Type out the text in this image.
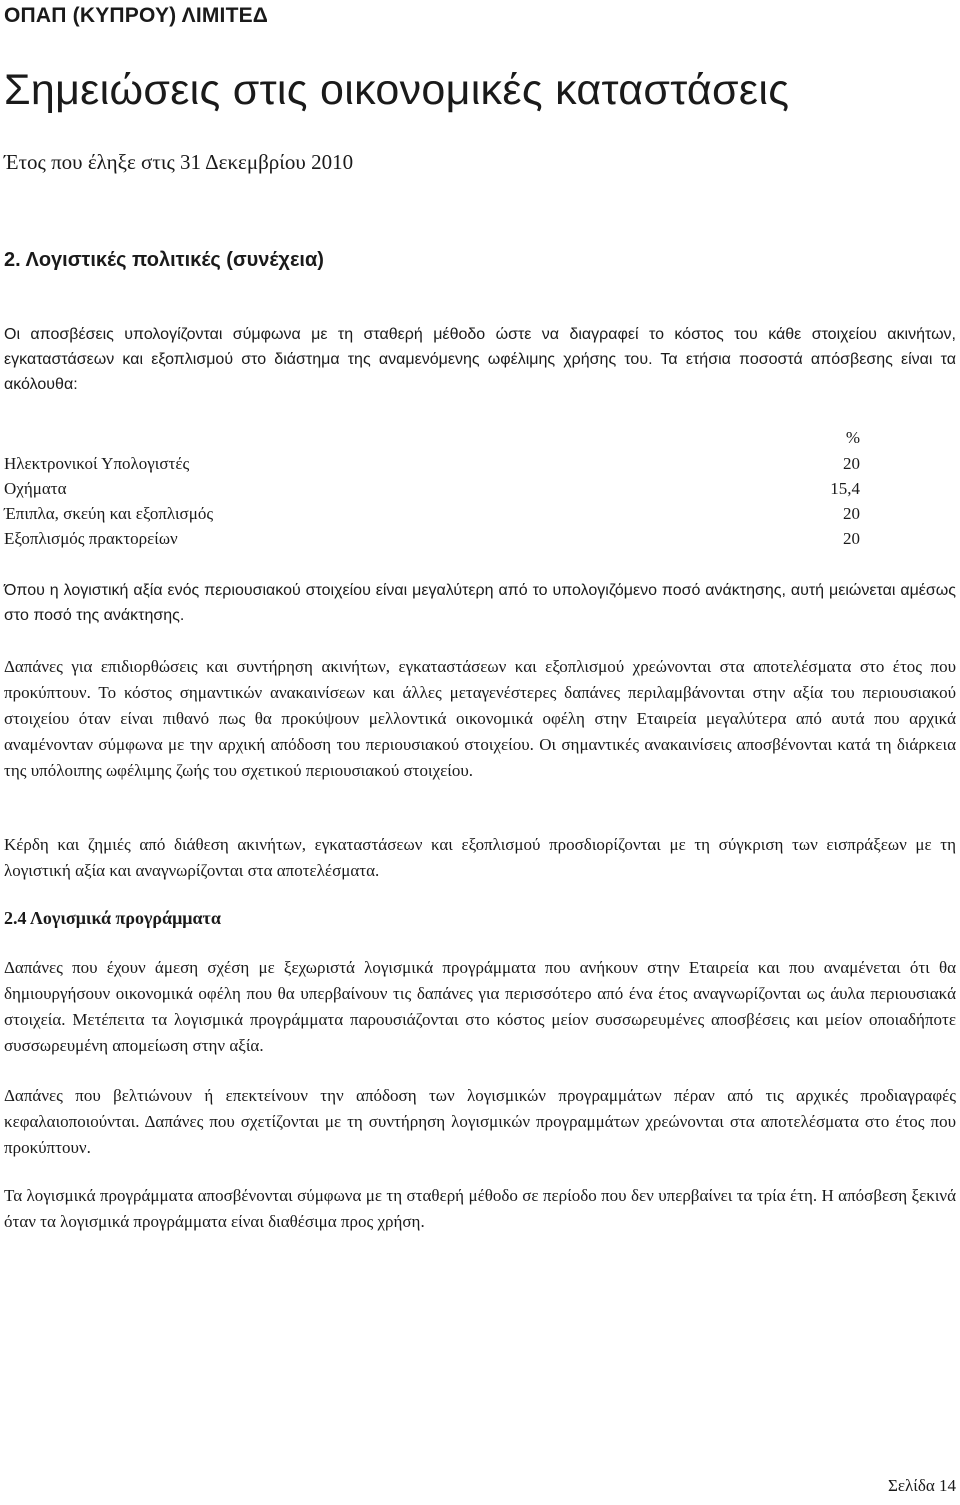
ΟΠΑΠ (ΚΥΠΡΟΥ) ΛΙΜΙΤΕΔ
Σημειώσεις στις οικονομικές καταστάσεις
Έτος που έληξε στις 31 Δεκεμβρίου 2010
2. Λογιστικές πολιτικές (συνέχεια)

Οι αποσβέσεις υπολογίζονται σύμφωνα με τη σταθερή μέθοδο ώστε να διαγραφεί το κόστος του κάθε στοιχείου ακινήτων, εγκαταστάσεων και εξοπλισμού στο διάστημα της αναμενόμενης ωφέλιμης χρήσης του. Τα ετήσια ποσοστά απόσβεσης είναι τα ακόλουθα:

%
Ηλεκτρονικοί Υπολογιστές	20
Οχήματα	15,4
Έπιπλα, σκεύη και εξοπλισμός	20
Εξοπλισμός πρακτορείων	20

Όπου η λογιστική αξία ενός περιουσιακού στοιχείου είναι μεγαλύτερη από το υπολογιζόμενο ποσό ανάκτησης, αυτή μειώνεται αμέσως στο ποσό της ανάκτησης.

Δαπάνες για επιδιορθώσεις και συντήρηση ακινήτων, εγκαταστάσεων και εξοπλισμού χρεώνονται στα αποτελέσματα στο έτος που προκύπτουν. Το κόστος σημαντικών ανακαινίσεων και άλλες μεταγενέστερες δαπάνες περιλαμβάνονται στην αξία του περιουσιακού στοιχείου όταν είναι πιθανό πως θα προκύψουν μελλοντικά οικονομικά οφέλη στην Εταιρεία μεγαλύτερα από αυτά που αρχικά αναμένονταν σύμφωνα με την αρχική απόδοση του περιουσιακού στοιχείου. Οι σημαντικές ανακαινίσεις αποσβένονται κατά τη διάρκεια της υπόλοιπης ωφέλιμης ζωής του σχετικού περιουσιακού στοιχείου.

Κέρδη και ζημιές από διάθεση ακινήτων, εγκαταστάσεων και εξοπλισμού προσδιορίζονται με τη σύγκριση των εισπράξεων με τη λογιστική αξία και αναγνωρίζονται στα αποτελέσματα.

2.4 Λογισμικά προγράμματα

Δαπάνες που έχουν άμεση σχέση με ξεχωριστά λογισμικά προγράμματα που ανήκουν στην Εταιρεία και που αναμένεται ότι θα δημιουργήσουν οικονομικά οφέλη που θα υπερβαίνουν τις δαπάνες για περισσότερο από ένα έτος αναγνωρίζονται ως άυλα περιουσιακά στοιχεία. Μετέπειτα τα λογισμικά προγράμματα παρουσιάζονται στο κόστος μείον συσσωρευμένες αποσβέσεις και μείον οποιαδήποτε συσσωρευμένη απομείωση στην αξία.

Δαπάνες που βελτιώνουν ή επεκτείνουν την απόδοση των λογισμικών προγραμμάτων πέραν από τις αρχικές προδιαγραφές κεφαλαιοποιούνται. Δαπάνες που σχετίζονται με τη συντήρηση λογισμικών προγραμμάτων χρεώνονται στα αποτελέσματα στο έτος που προκύπτουν.

Τα λογισμικά προγράμματα αποσβένονται σύμφωνα με τη σταθερή μέθοδο σε περίοδο που δεν υπερβαίνει τα τρία έτη. Η απόσβεση ξεκινά όταν τα λογισμικά προγράμματα είναι διαθέσιμα προς χρήση.

Σελίδα 14
